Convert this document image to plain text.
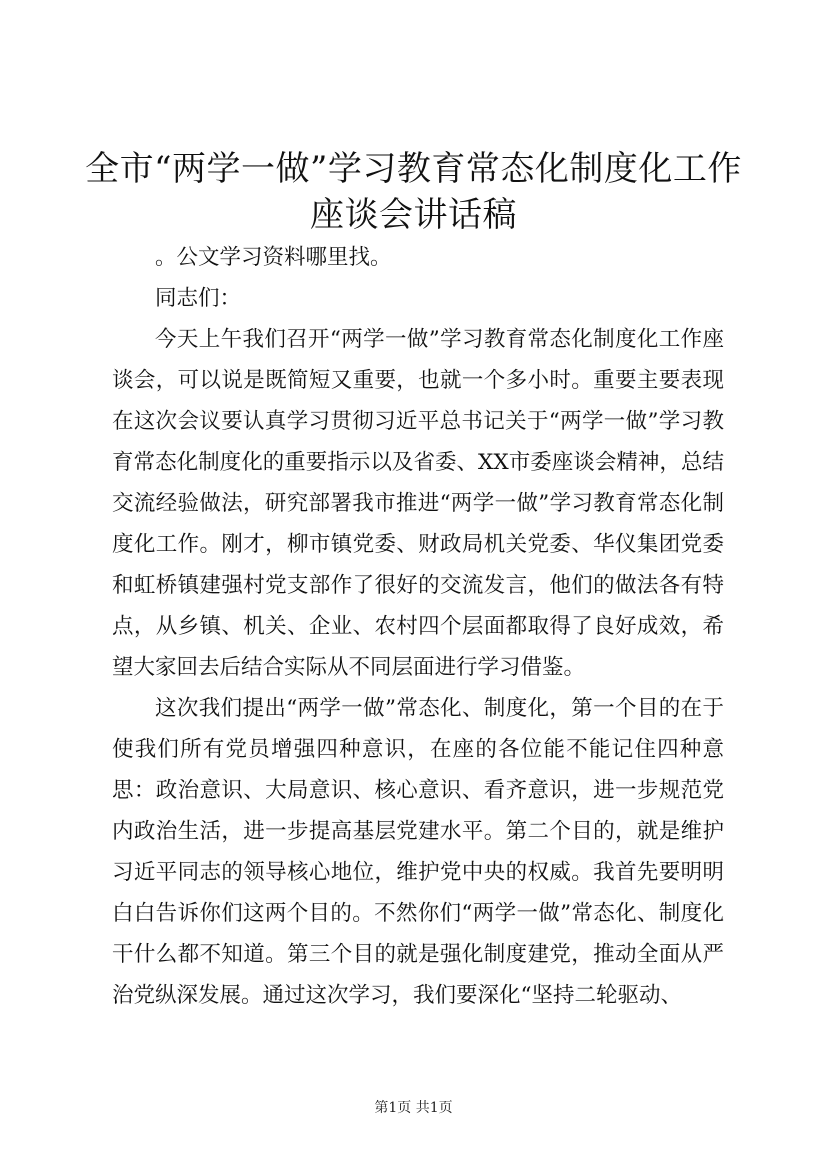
全市“两学一做”学习教育常态化制度化工作
座谈会讲话稿

。公文学习资料哪里找。

同志们：

今天上午我们召开“两学一做”学习教育常态化制度化工作座谈会，可以说是既简短又重要，也就一个多小时。重要主要表现在这次会议要认真学习贯彻习近平总书记关于“两学一做”学习教育常态化制度化的重要指示以及省委、XX市委座谈会精神，总结交流经验做法，研究部署我市推进“两学一做”学习教育常态化制度化工作。刚才，柳市镇党委、财政局机关党委、华仪集团党委和虹桥镇建强村党支部作了很好的交流发言，他们的做法各有特点，从乡镇、机关、企业、农村四个层面都取得了良好成效，希望大家回去后结合实际从不同层面进行学习借鉴。

这次我们提出“两学一做”常态化、制度化，第一个目的在于使我们所有党员增强四种意识，在座的各位能不能记住四种意思：政治意识、大局意识、核心意识、看齐意识，进一步规范党内政治生活，进一步提高基层党建水平。第二个目的，就是维护习近平同志的领导核心地位，维护党中央的权威。我首先要明明白白告诉你们这两个目的。不然你们“两学一做”常态化、制度化干什么都不知道。第三个目的就是强化制度建党，推动全面从严治党纵深发展。通过这次学习，我们要深化“坚持二轮驱动、

第1页 共1页
